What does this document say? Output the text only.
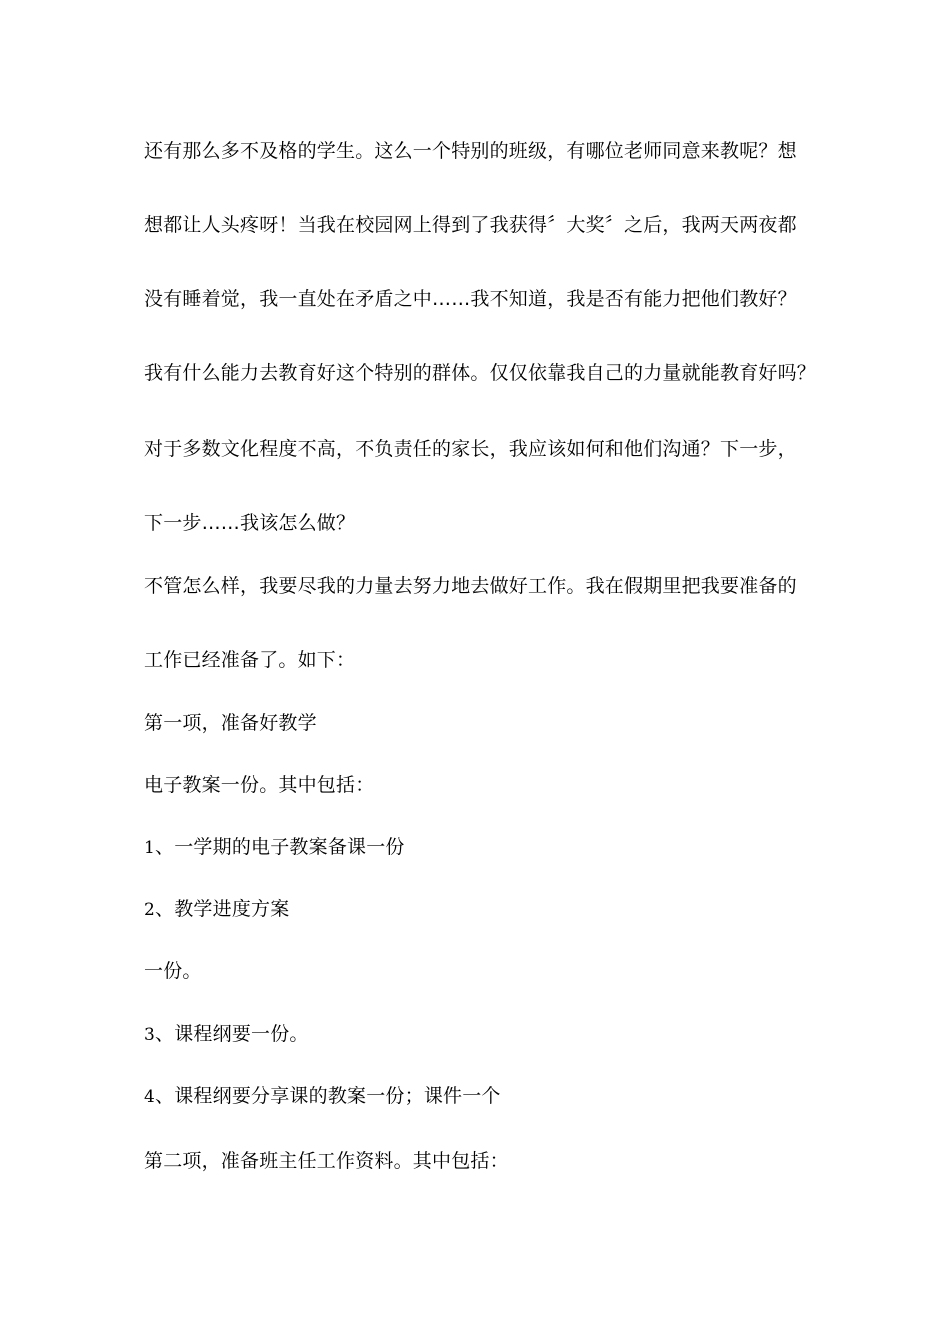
还有那么多不及格的学生。这么一个特别的班级，有哪位老师同意来教呢？想
想都让人头疼呀！当我在校园网上得到了我获得〞大奖〞之后，我两天两夜都
没有睡着觉，我一直处在矛盾之中……我不知道，我是否有能力把他们教好？
我有什么能力去教育好这个特别的群体。仅仅依靠我自己的力量就能教育好吗？
对于多数文化程度不高，不负责任的家长，我应该如何和他们沟通？下一步，
下一步……我该怎么做？
不管怎么样，我要尽我的力量去努力地去做好工作。我在假期里把我要准备的
工作已经准备了。如下：
第一项，准备好教学
电子教案一份。其中包括：
1、一学期的电子教案备课一份
2、教学进度方案
一份。
3、课程纲要一份。
4、课程纲要分享课的教案一份；课件一个
第二项，准备班主任工作资料。其中包括：
